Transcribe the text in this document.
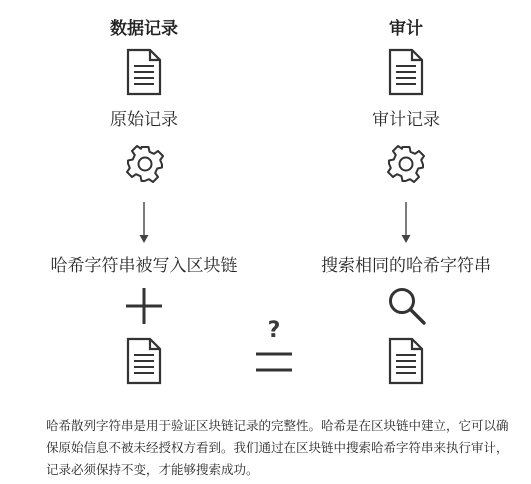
数据记录
原始记录
哈希字符串被写入区块链
?
审计
审计记录
搜索相同的哈希字符串
哈希散列字符串是用于验证区块链记录的完整性。哈希是在区块链中建立，它可以确保原始信息不被未经授权方看到。我们通过在区块链中搜索哈希字符串来执行审计，记录必须保持不变，才能够搜索成功。
